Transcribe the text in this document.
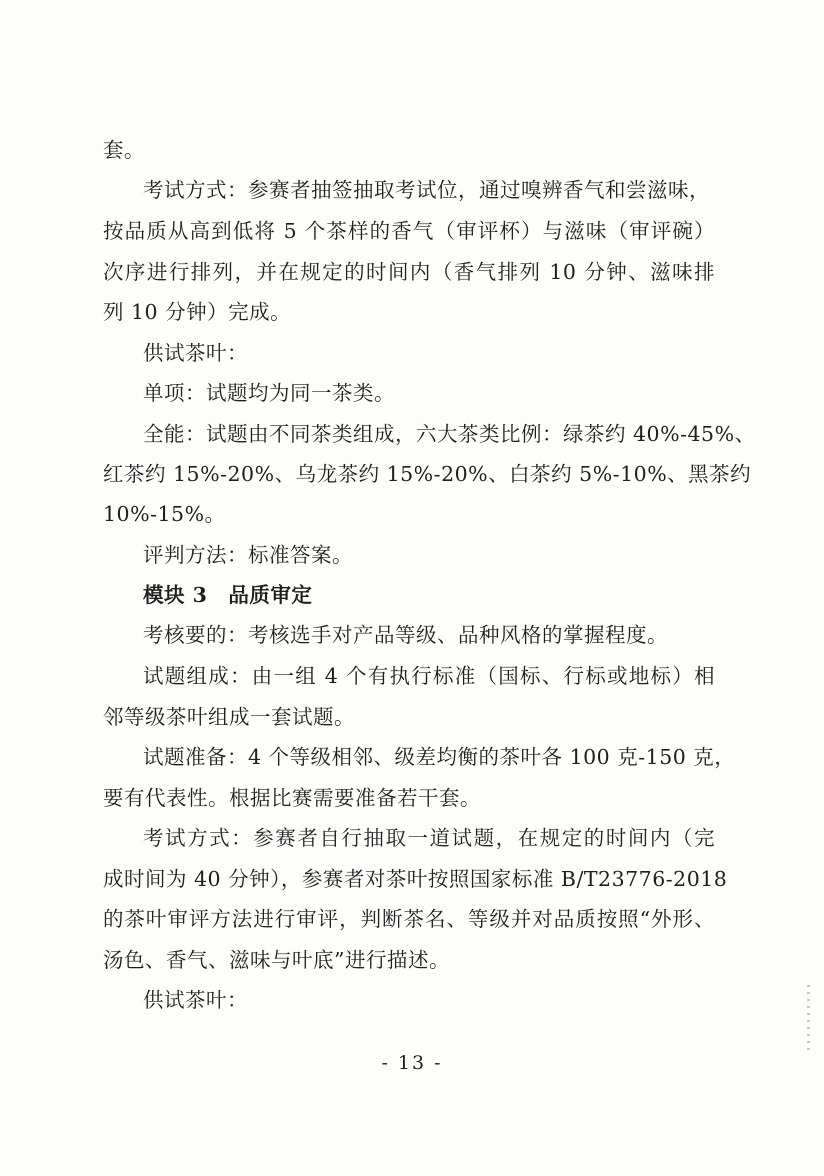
套。
考试方式：参赛者抽签抽取考试位，通过嗅辨香气和尝滋味，
按品质从高到低将 5 个茶样的香气（审评杯）与滋味（审评碗）
次序进行排列，并在规定的时间内（香气排列 10 分钟、滋味排
列 10 分钟）完成。
供试茶叶：
单项：试题均为同一茶类。
全能：试题由不同茶类组成，六大茶类比例：绿茶约 40%-45%、
红茶约 15%-20%、乌龙茶约 15%-20%、白茶约 5%-10%、黑茶约
10%-15%。
评判方法：标准答案。
模块 3　品质审定
考核要的：考核选手对产品等级、品种风格的掌握程度。
试题组成：由一组 4 个有执行标准（国标、行标或地标）相
邻等级茶叶组成一套试题。
试题准备：4 个等级相邻、级差均衡的茶叶各 100 克-150 克，
要有代表性。根据比赛需要准备若干套。
考试方式：参赛者自行抽取一道试题，在规定的时间内（完
成时间为 40 分钟），参赛者对茶叶按照国家标准 B/T23776-2018
的茶叶审评方法进行审评，判断茶名、等级并对品质按照“外形、
汤色、香气、滋味与叶底”进行描述。
供试茶叶：
- 13 -
